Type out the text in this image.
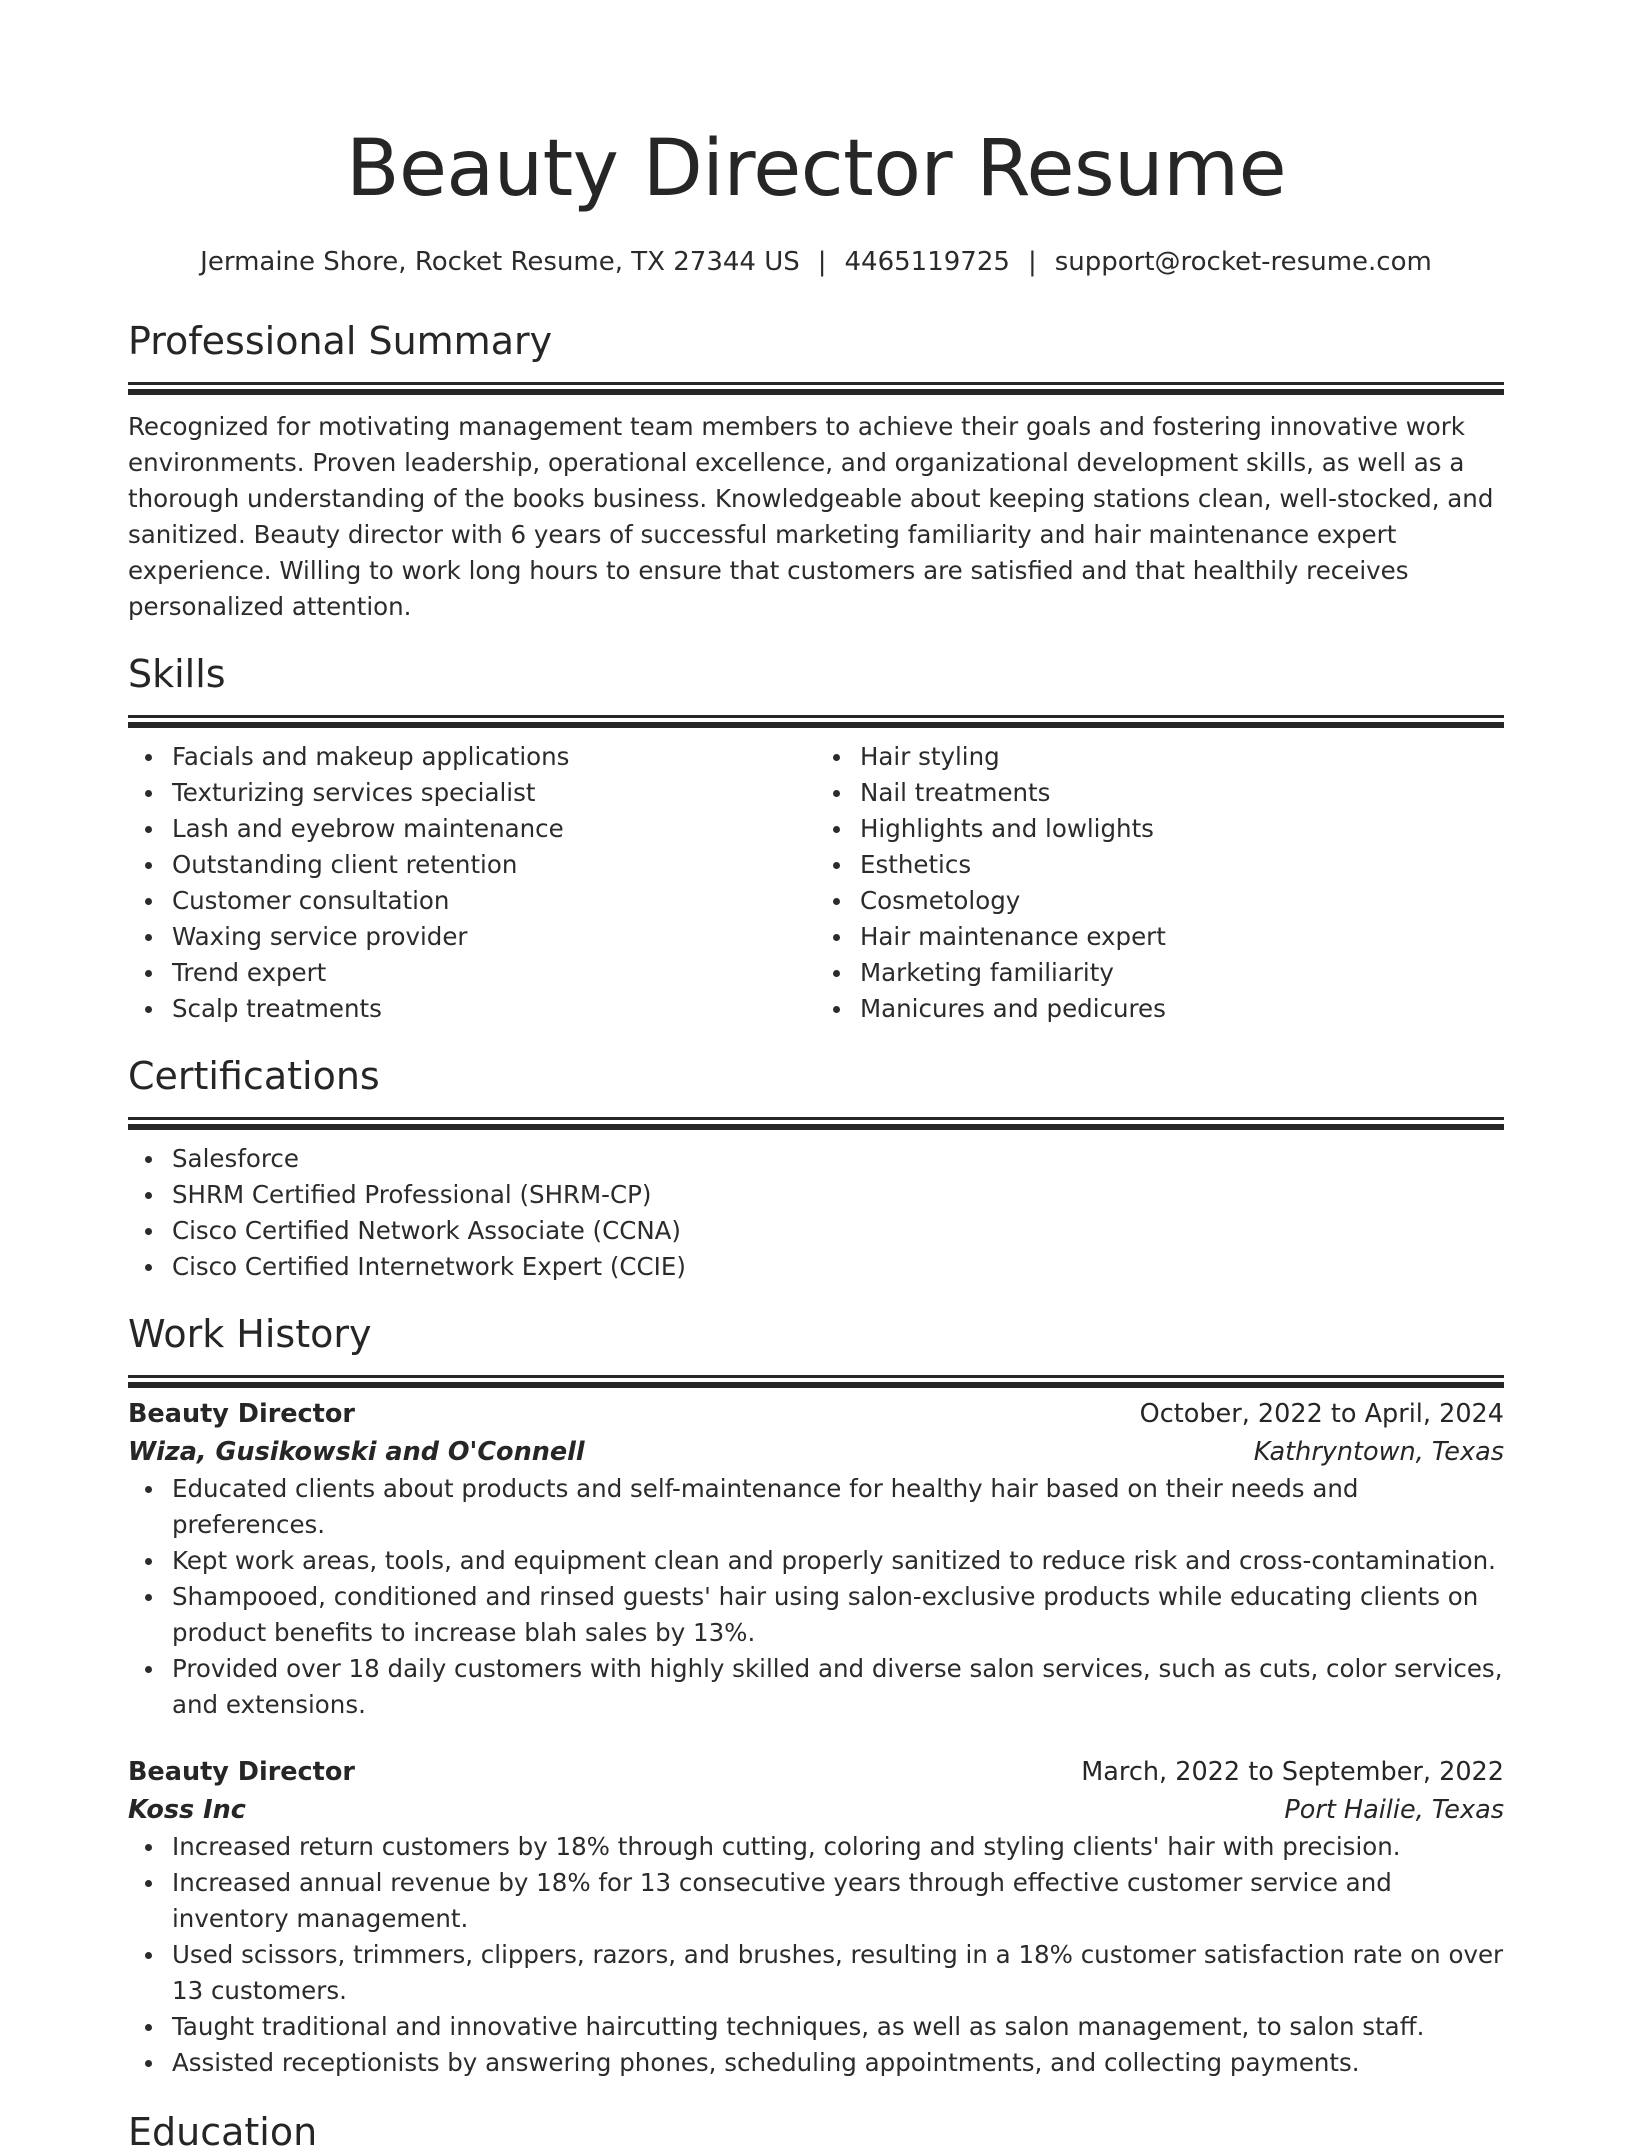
Beauty Director Resume
Jermaine Shore, Rocket Resume, TX 27344 US | 4465119725 | support@rocket-resume.com
Professional Summary

Recognized for motivating management team members to achieve their goals and fostering innovative work environments. Proven leadership, operational excellence, and organizational development skills, as well as a thorough understanding of the books business. Knowledgeable about keeping stations clean, well-stocked, and sanitized. Beauty director with 6 years of successful marketing familiarity and hair maintenance expert experience. Willing to work long hours to ensure that customers are satisfied and that healthily receives personalized attention.

Skills
Facials and makeup applications
Texturizing services specialist
Lash and eyebrow maintenance
Outstanding client retention
Customer consultation
Waxing service provider
Trend expert
Scalp treatments
Hair styling
Nail treatments
Highlights and lowlights
Esthetics
Cosmetology
Hair maintenance expert
Marketing familiarity
Manicures and pedicures
Certifications
Salesforce
SHRM Certified Professional (SHRM-CP)
Cisco Certified Network Associate (CCNA)
Cisco Certified Internetwork Expert (CCIE)
Work History
Beauty Director	October, 2022 to April, 2024
Wiza, Gusikowski and O'Connell	Kathryntown, Texas
Educated clients about products and self-maintenance for healthy hair based on their needs and preferences.
Kept work areas, tools, and equipment clean and properly sanitized to reduce risk and cross-contamination.
Shampooed, conditioned and rinsed guests' hair using salon-exclusive products while educating clients on product benefits to increase blah sales by 13%.
Provided over 18 daily customers with highly skilled and diverse salon services, such as cuts, color services, and extensions.
Beauty Director	March, 2022 to September, 2022
Koss Inc	Port Hailie, Texas
Increased return customers by 18% through cutting, coloring and styling clients' hair with precision.
Increased annual revenue by 18% for 13 consecutive years through effective customer service and inventory management.
Used scissors, trimmers, clippers, razors, and brushes, resulting in a 18% customer satisfaction rate on over 13 customers.
Taught traditional and innovative haircutting techniques, as well as salon management, to salon staff.
Assisted receptionists by answering phones, scheduling appointments, and collecting payments.
Education
